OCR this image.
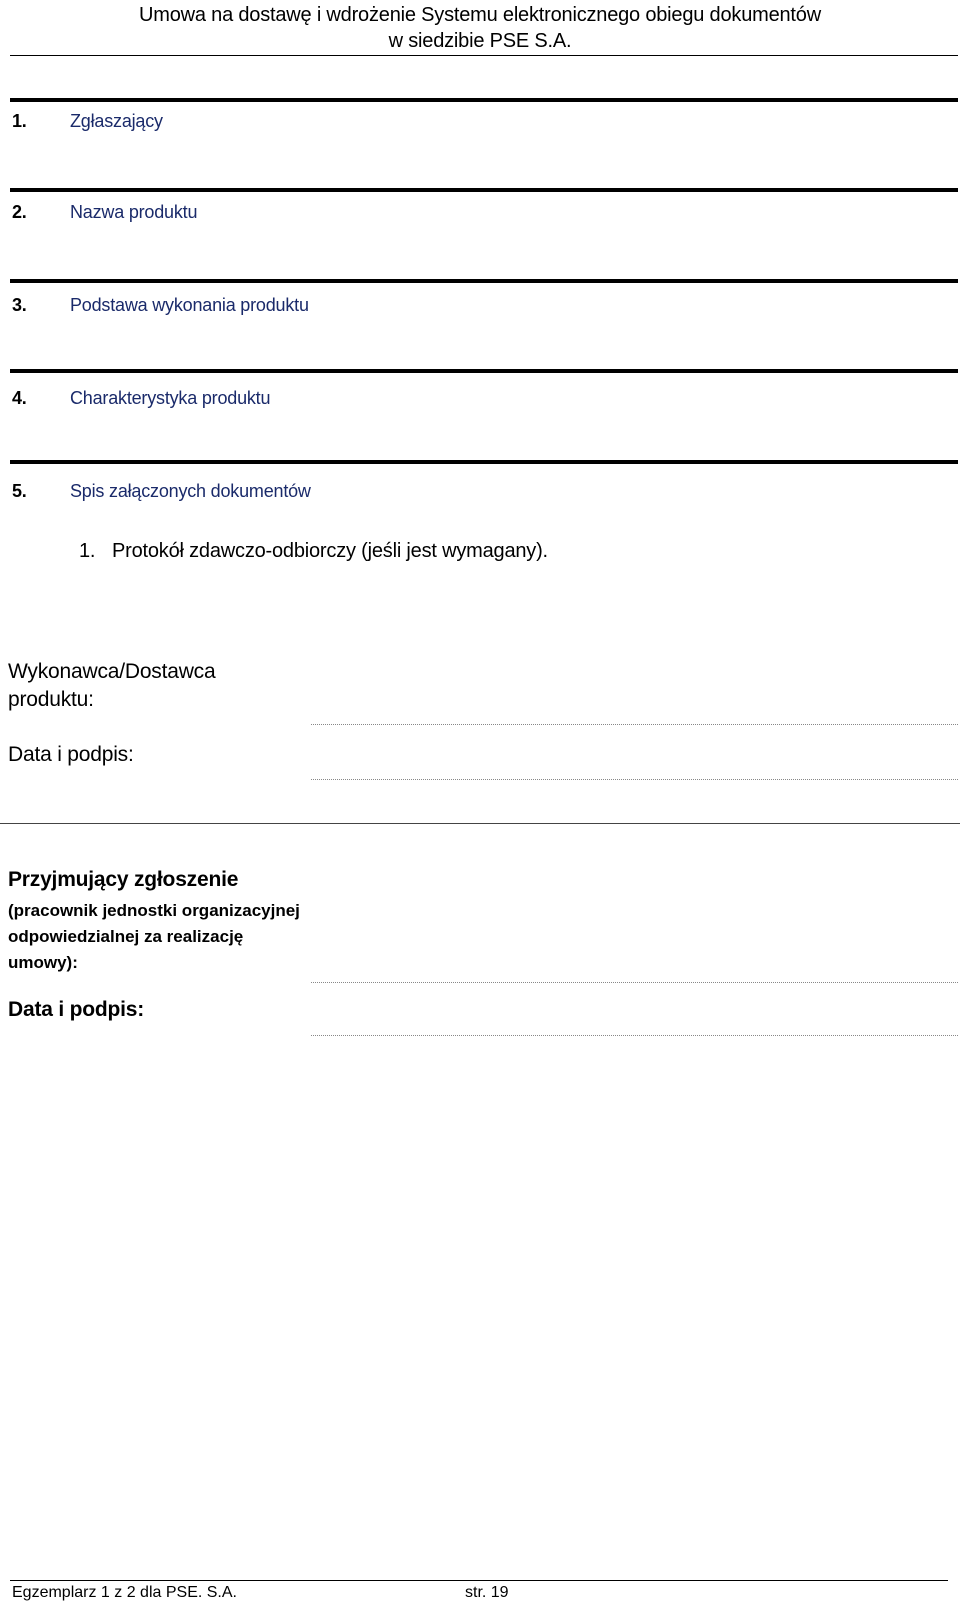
Umowa na dostawę i wdrożenie Systemu elektronicznego obiegu dokumentów
w siedzibie PSE S.A.
1. Zgłaszający
2. Nazwa produktu
3. Podstawa wykonania produktu
4. Charakterystyka produktu
5. Spis załączonych dokumentów
1. Protokół zdawczo-odbiorczy (jeśli jest wymagany).
Wykonawca/Dostawca
produktu:
Data i podpis:
Przyjmujący zgłoszenie
(pracownik jednostki organizacyjnej
odpowiedzialnej za realizację
umowy):
Data i podpis:
Egzemplarz 1 z 2 dla PSE. S.A.	str. 19
